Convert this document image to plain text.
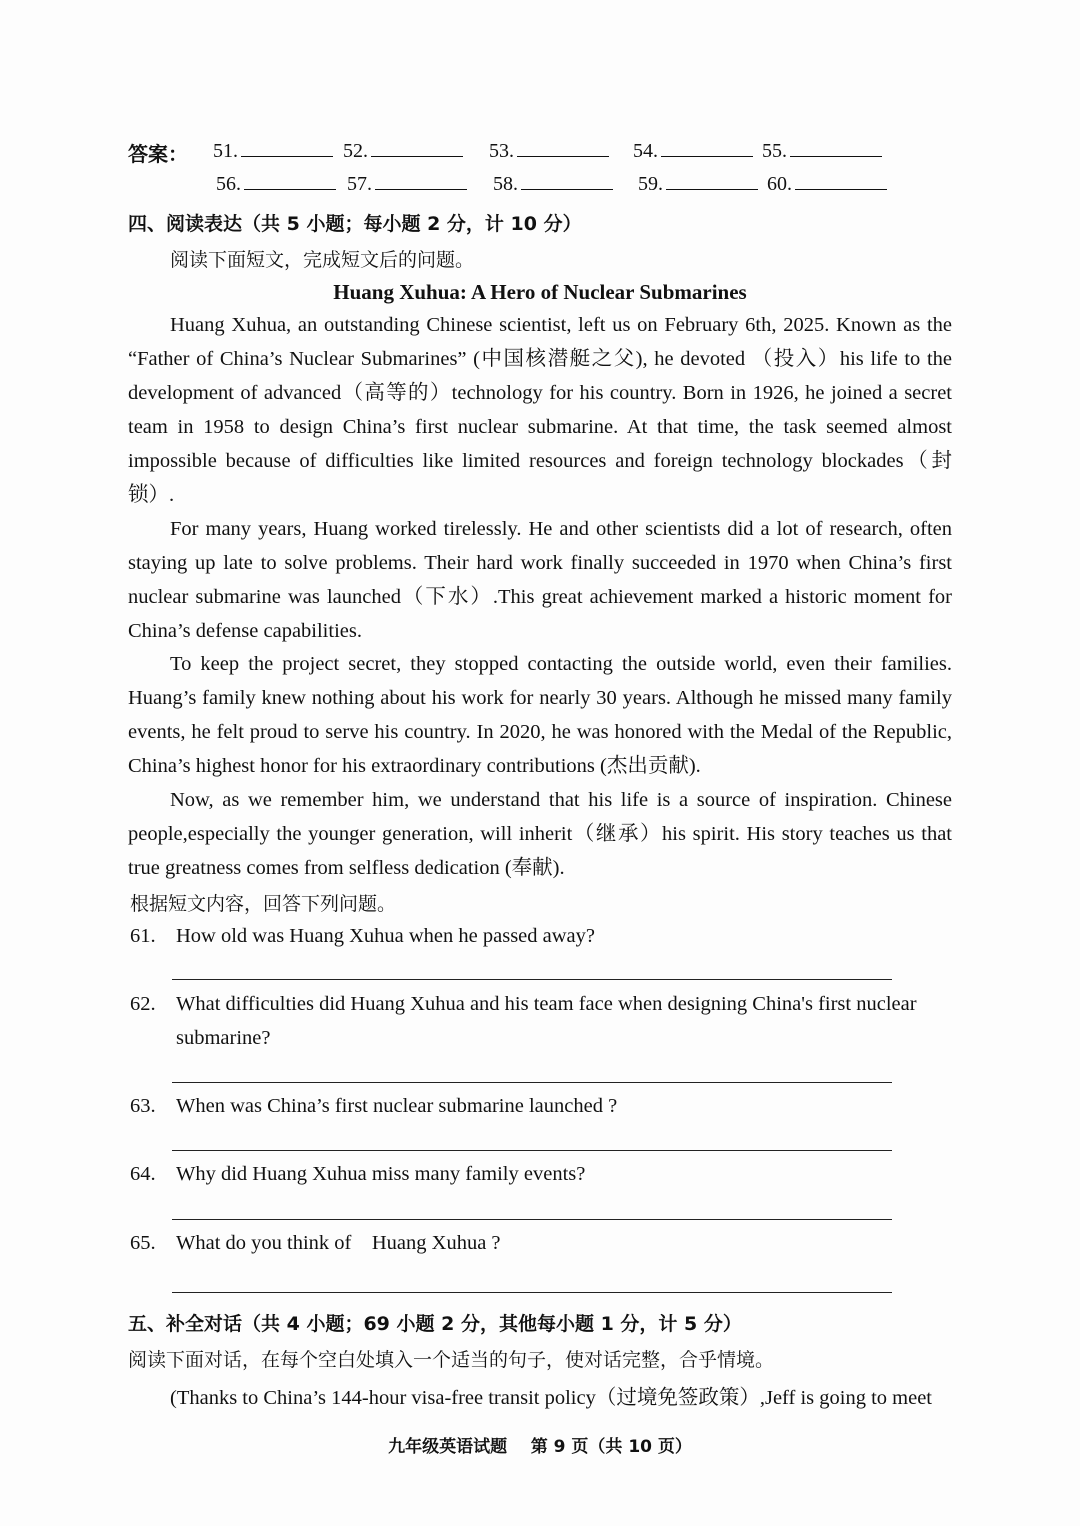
答案： 51.	52.	53.	54.	55.
56.	57.	58.	59.	60.
四、阅读表达（共 5 小题；每小题 2 分，计 10 分）
阅读下面短文，完成短文后的问题。
Huang Xuhua: A Hero of Nuclear Submarines

Huang Xuhua, an outstanding Chinese scientist, left us on February 6th, 2025. Known as the “Father of China’s Nuclear Submarines” (中国核潜艇之父), he devoted （投入）his life to the development of advanced（高等的）technology for his country. Born in 1926, he joined a secret team in 1958 to design China’s first nuclear submarine. At that time, the task seemed almost impossible because of difficulties like limited resources and foreign technology blockades（封锁）.

For many years, Huang worked tirelessly. He and other scientists did a lot of research, often staying up late to solve problems. Their hard work finally succeeded in 1970 when China’s first nuclear submarine was launched（下水）.This great achievement marked a historic moment for China’s defense capabilities.

To keep the project secret, they stopped contacting the outside world, even their families. Huang’s family knew nothing about his work for nearly 30 years. Although he missed many family events, he felt proud to serve his country. In 2020, he was honored with the Medal of the Republic, China’s highest honor for his extraordinary contributions (杰出贡献).

Now, as we remember him, we understand that his life is a source of inspiration. Chinese people,especially the younger generation, will inherit（继承）his spirit. His story teaches us that true greatness comes from selfless dedication (奉献).

根据短文内容，回答下列问题。
61. How old was Huang Xuhua when he passed away?
62. What difficulties did Huang Xuhua and his team face when designing China's first nuclear
submarine?
63. When was China’s first nuclear submarine launched ?
64. Why did Huang Xuhua miss many family events?
65. What do you think of    Huang Xuhua ?
五、补全对话（共 4 小题；69 小题 2 分，其他每小题 1 分，计 5 分）
阅读下面对话，在每个空白处填入一个适当的句子，使对话完整，合乎情境。
(Thanks to China’s 144-hour visa-free transit policy（过境免签政策）,Jeff is going to meet
九年级英语试题    第 9 页（共 10 页）
